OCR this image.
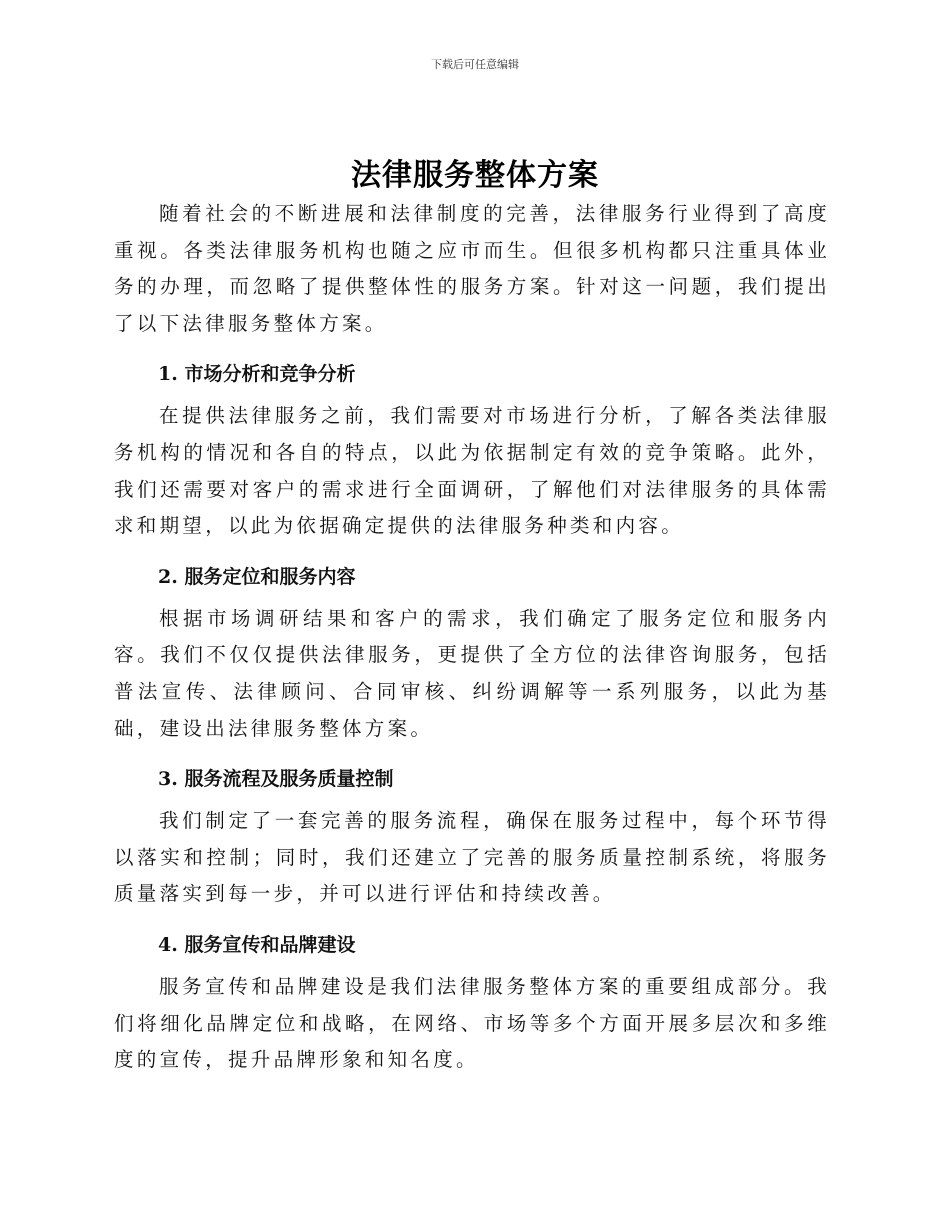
下载后可任意编辑
法律服务整体方案

随着社会的不断进展和法律制度的完善，法律服务行业得到了高度重视。各类法律服务机构也随之应市而生。但很多机构都只注重具体业务的办理，而忽略了提供整体性的服务方案。针对这一问题，我们提出了以下法律服务整体方案。

1. 市场分析和竞争分析

在提供法律服务之前，我们需要对市场进行分析，了解各类法律服务机构的情况和各自的特点，以此为依据制定有效的竞争策略。此外，我们还需要对客户的需求进行全面调研，了解他们对法律服务的具体需求和期望，以此为依据确定提供的法律服务种类和内容。

2. 服务定位和服务内容

根据市场调研结果和客户的需求，我们确定了服务定位和服务内容。我们不仅仅提供法律服务，更提供了全方位的法律咨询服务，包括普法宣传、法律顾问、合同审核、纠纷调解等一系列服务，以此为基础，建设出法律服务整体方案。

3. 服务流程及服务质量控制

我们制定了一套完善的服务流程，确保在服务过程中，每个环节得以落实和控制；同时，我们还建立了完善的服务质量控制系统，将服务质量落实到每一步，并可以进行评估和持续改善。

4. 服务宣传和品牌建设

服务宣传和品牌建设是我们法律服务整体方案的重要组成部分。我们将细化品牌定位和战略，在网络、市场等多个方面开展多层次和多维度的宣传，提升品牌形象和知名度。
